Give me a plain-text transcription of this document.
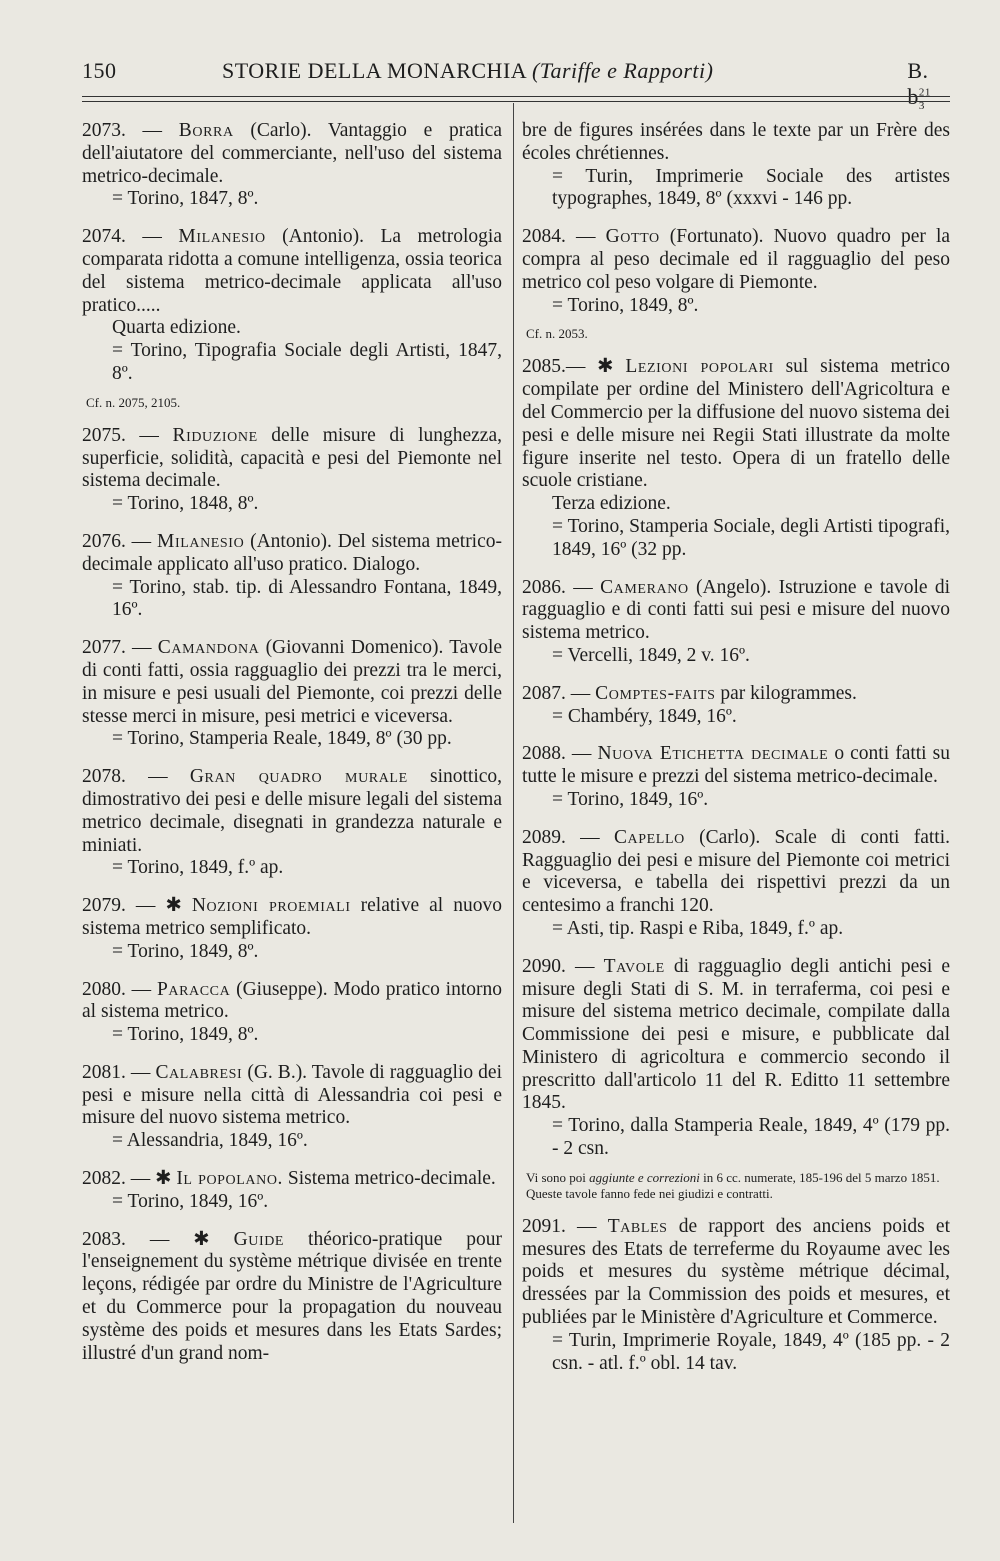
150	STORIE DELLA MONARCHIA (Tariffe e Rapporti)	B. $b^{21}_3$
2073. — Borra (Carlo). Vantaggio e pratica dell'aiutatore del commerciante, nell'uso del sistema metrico-decimale.
= Torino, 1847, 8º.
2074. — Milanesio (Antonio). La metrologia comparata ridotta a comune intelligenza, ossia teorica del sistema metrico-decimale applicata all'uso pratico.....
Quarta edizione.
= Torino, Tipografia Sociale degli Artisti, 1847, 8º.
Cf. n. 2075, 2105.
2075. — Riduzione delle misure di lunghezza, superficie, solidità, capacità e pesi del Piemonte nel sistema decimale.
= Torino, 1848, 8º.
2076. — Milanesio (Antonio). Del sistema metrico-decimale applicato all'uso pratico. Dialogo.
= Torino, stab. tip. di Alessandro Fontana, 1849, 16º.
2077. — Camandona (Giovanni Domenico). Tavole di conti fatti, ossia ragguaglio dei prezzi tra le merci, in misure e pesi usuali del Piemonte, coi prezzi delle stesse merci in misure, pesi metrici e viceversa.
= Torino, Stamperia Reale, 1849, 8º (30 pp.
2078. — Gran quadro murale sinottico, dimostrativo dei pesi e delle misure legali del sistema metrico decimale, disegnati in grandezza naturale e miniati.
= Torino, 1849, f.º ap.
2079. — ✱ Nozioni proemiali relative al nuovo sistema metrico semplificato.
= Torino, 1849, 8º.
2080. — Paracca (Giuseppe). Modo pratico intorno al sistema metrico.
= Torino, 1849, 8º.
2081. — Calabresi (G. B.). Tavole di ragguaglio dei pesi e misure nella città di Alessandria coi pesi e misure del nuovo sistema metrico.
= Alessandria, 1849, 16º.
2082. — ✱ Il popolano. Sistema metrico-decimale.
= Torino, 1849, 16º.
2083. — ✱ Guide théorico-pratique pour l'enseignement du système métrique divisée en trente leçons, rédigée par ordre du Ministre de l'Agriculture et du Commerce pour la propagation du nouveau système des poids et mesures dans les Etats Sardes; illustré d'un grand nom-
bre de figures insérées dans le texte par un Frère des écoles chrétiennes.
= Turin, Imprimerie Sociale des artistes typographes, 1849, 8º (xxxvi - 146 pp.
2084. — Gotto (Fortunato). Nuovo quadro per la compra al peso decimale ed il ragguaglio del peso metrico col peso volgare di Piemonte.
= Torino, 1849, 8º.
Cf. n. 2053.
2085.— ✱ Lezioni popolari sul sistema metrico compilate per ordine del Ministero dell'Agricoltura e del Commercio per la diffusione del nuovo sistema dei pesi e delle misure nei Regii Stati illustrate da molte figure inserite nel testo. Opera di un fratello delle scuole cristiane.
Terza edizione.
= Torino, Stamperia Sociale, degli Artisti tipografi, 1849, 16º (32 pp.
2086. — Camerano (Angelo). Istruzione e tavole di ragguaglio e di conti fatti sui pesi e misure del nuovo sistema metrico.
= Vercelli, 1849, 2 v. 16º.
2087. — Comptes-faits par kilogrammes.
= Chambéry, 1849, 16º.
2088. — Nuova Etichetta decimale o conti fatti su tutte le misure e prezzi del sistema metrico-decimale.
= Torino, 1849, 16º.
2089. — Capello (Carlo). Scale di conti fatti. Ragguaglio dei pesi e misure del Piemonte coi metrici e viceversa, e tabella dei rispettivi prezzi da un centesimo a franchi 120.
= Asti, tip. Raspi e Riba, 1849, f.º ap.
2090. — Tavole di ragguaglio degli antichi pesi e misure degli Stati di S. M. in terraferma, coi pesi e misure del sistema metrico decimale, compilate dalla Commissione dei pesi e misure, e pubblicate dal Ministero di agricoltura e commercio secondo il prescritto dall'articolo 11 del R. Editto 11 settembre 1845.
= Torino, dalla Stamperia Reale, 1849, 4º (179 pp. - 2 csn.
Vi sono poi aggiunte e correzioni in 6 cc. numerate, 185-196 del 5 marzo 1851.
Queste tavole fanno fede nei giudizi e contratti.
2091. — Tables de rapport des anciens poids et mesures des Etats de terreferme du Royaume avec les poids et mesures du système métrique décimal, dressées par la Commission des poids et mesures, et publiées par le Ministère d'Agriculture et Commerce.
= Turin, Imprimerie Royale, 1849, 4º (185 pp. - 2 csn. - atl. f.º obl. 14 tav.
